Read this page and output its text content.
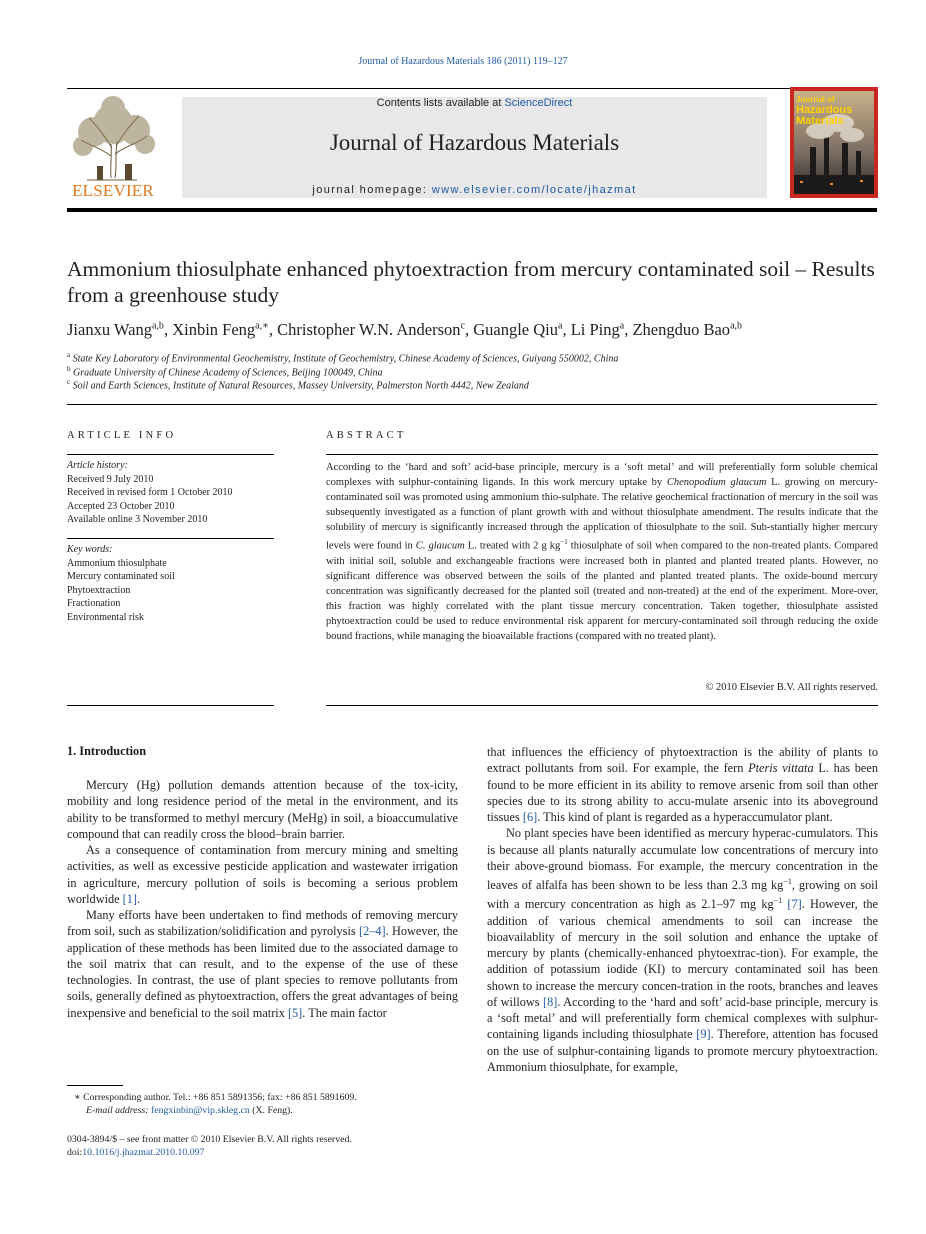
Journal of Hazardous Materials 186 (2011) 119–127
ELSEVIER
Contents lists available at ScienceDirect
Journal of Hazardous Materials
journal homepage: www.elsevier.com/locate/jhazmat
Journal of
Hazardous
Materials
Ammonium thiosulphate enhanced phytoextraction from mercury contaminated soil – Results from a greenhouse study
Jianxu Wang$^{a,b}$, Xinbin Feng$^{a,∗}$, Christopher W.N. Anderson$^c$, Guangle Qiu$^a$, Li Ping$^a$, Zhengduo Bao$^{a,b}$
$^a$ State Key Laboratory of Environmental Geochemistry, Institute of Geochemistry, Chinese Academy of Sciences, Guiyang 550002, China
$^b$ Graduate University of Chinese Academy of Sciences, Beijing 100049, China
$^c$ Soil and Earth Sciences, Institute of Natural Resources, Massey University, Palmerston North 4442, New Zealand
ARTICLE INFO
Article history:
Received 9 July 2010
Received in revised form 1 October 2010
Accepted 23 October 2010
Available online 3 November 2010
Key words:
Ammonium thiosulphate
Mercury contaminated soil
Phytoextraction
Fractionation
Environmental risk
ABSTRACT
According to the ‘hard and soft’ acid-base principle, mercury is a ‘soft metal’ and will preferentially form soluble chemical complexes with sulphur-containing ligands. In this work mercury uptake by Chenopodium glaucum L. growing on mercury-contaminated soil was promoted using ammonium thio-sulphate. The relative geochemical fractionation of mercury in the soil was subsequently investigated as a function of plant growth with and without thiosulphate amendment. The results indicate that the solubility of mercury is significantly increased through the application of thiosulphate to the soil. Sub-stantially higher mercury levels were found in C. glaucum L. treated with 2 g $kg^{-1}$ thiosulphate of soil when compared to the non-treated plants. Compared with initial soil, soluble and exchangeable fractions were increased both in planted and planted treated plants. However, no significant difference was observed between the soils of the planted and planted treated plants. The oxide-bound mercury concentration was significantly decreased for the planted soil (treated and non-treated) at the end of the experiment. More-over, this fraction was highly correlated with the plant tissue mercury concentration. Taken together, thiosulphate assisted phytoextraction could be used to reduce environmental risk apparent for mercury-contaminated soil through reducing the oxide bound fractions, while managing the bioavailable fractions (compared with no treated plant).
© 2010 Elsevier B.V. All rights reserved.
1. Introduction

Mercury (Hg) pollution demands attention because of the tox-icity, mobility and long residence period of the metal in the environment, and its ability to be transformed to methyl mercury (MeHg) in soil, a bioaccumulative compound that can readily cross the blood–brain barrier.

As a consequence of contamination from mercury mining and smelting activities, as well as excessive pesticide application and wastewater irrigation in agriculture, mercury pollution of soils is becoming a serious problem worldwide [1].

Many efforts have been undertaken to find methods of removing mercury from soil, such as stabilization/solidification and pyrolysis [2–4]. However, the application of these methods has been limited due to the associated damage to the soil matrix that can result, and to the expense of the use of these technologies. In contrast, the use of plant species to remove pollutants from soils, generally defined as phytoextraction, offers the great advantages of being inexpensive and beneficial to the soil matrix [5]. The main factor

that influences the efficiency of phytoextraction is the ability of plants to extract pollutants from soil. For example, the fern Pteris vittata L. has been found to be more efficient in its ability to remove arsenic from soil than other species due to its strong ability to accu-mulate arsenic into its aboveground tissues [6]. This kind of plant is regarded as a hyperaccumulator plant.

No plant species have been identified as mercury hyperac-cumulators. This is because all plants naturally accumulate low concentrations of mercury into their above-ground biomass. For example, the mercury concentration in the leaves of alfalfa has been shown to be less than 2.3 mg $kg^{-1}$, growing on soil with a mercury concentration as high as 2.1–97 mg $kg^{-1}$ [7]. However, the addition of various chemical amendments to soil can increase the bioavailablity of mercury in the soil solution and enhance the uptake of mercury by plants (chemically-enhanced phytoextrac-tion). For example, the addition of potassium iodide (KI) to mercury contaminated soil has been shown to increase the mercury concen-tration in the roots, branches and leaves of willows [8]. According to the ‘hard and soft’ acid-base principle, mercury is a ‘soft metal’ and will preferentially form chemical complexes with sulphur-containing ligands including thiosulphate [9]. Therefore, attention has focused on the use of sulphur-containing ligands to promote mercury phytoextraction. Ammonium thiosulphate, for example,

∗ Corresponding author. Tel.: +86 851 5891356; fax: +86 851 5891609.
E-mail address: fengxinbin@vip.skleg.cn (X. Feng).
0304-3894/$ – see front matter © 2010 Elsevier B.V. All rights reserved.
doi:10.1016/j.jhazmat.2010.10.097
